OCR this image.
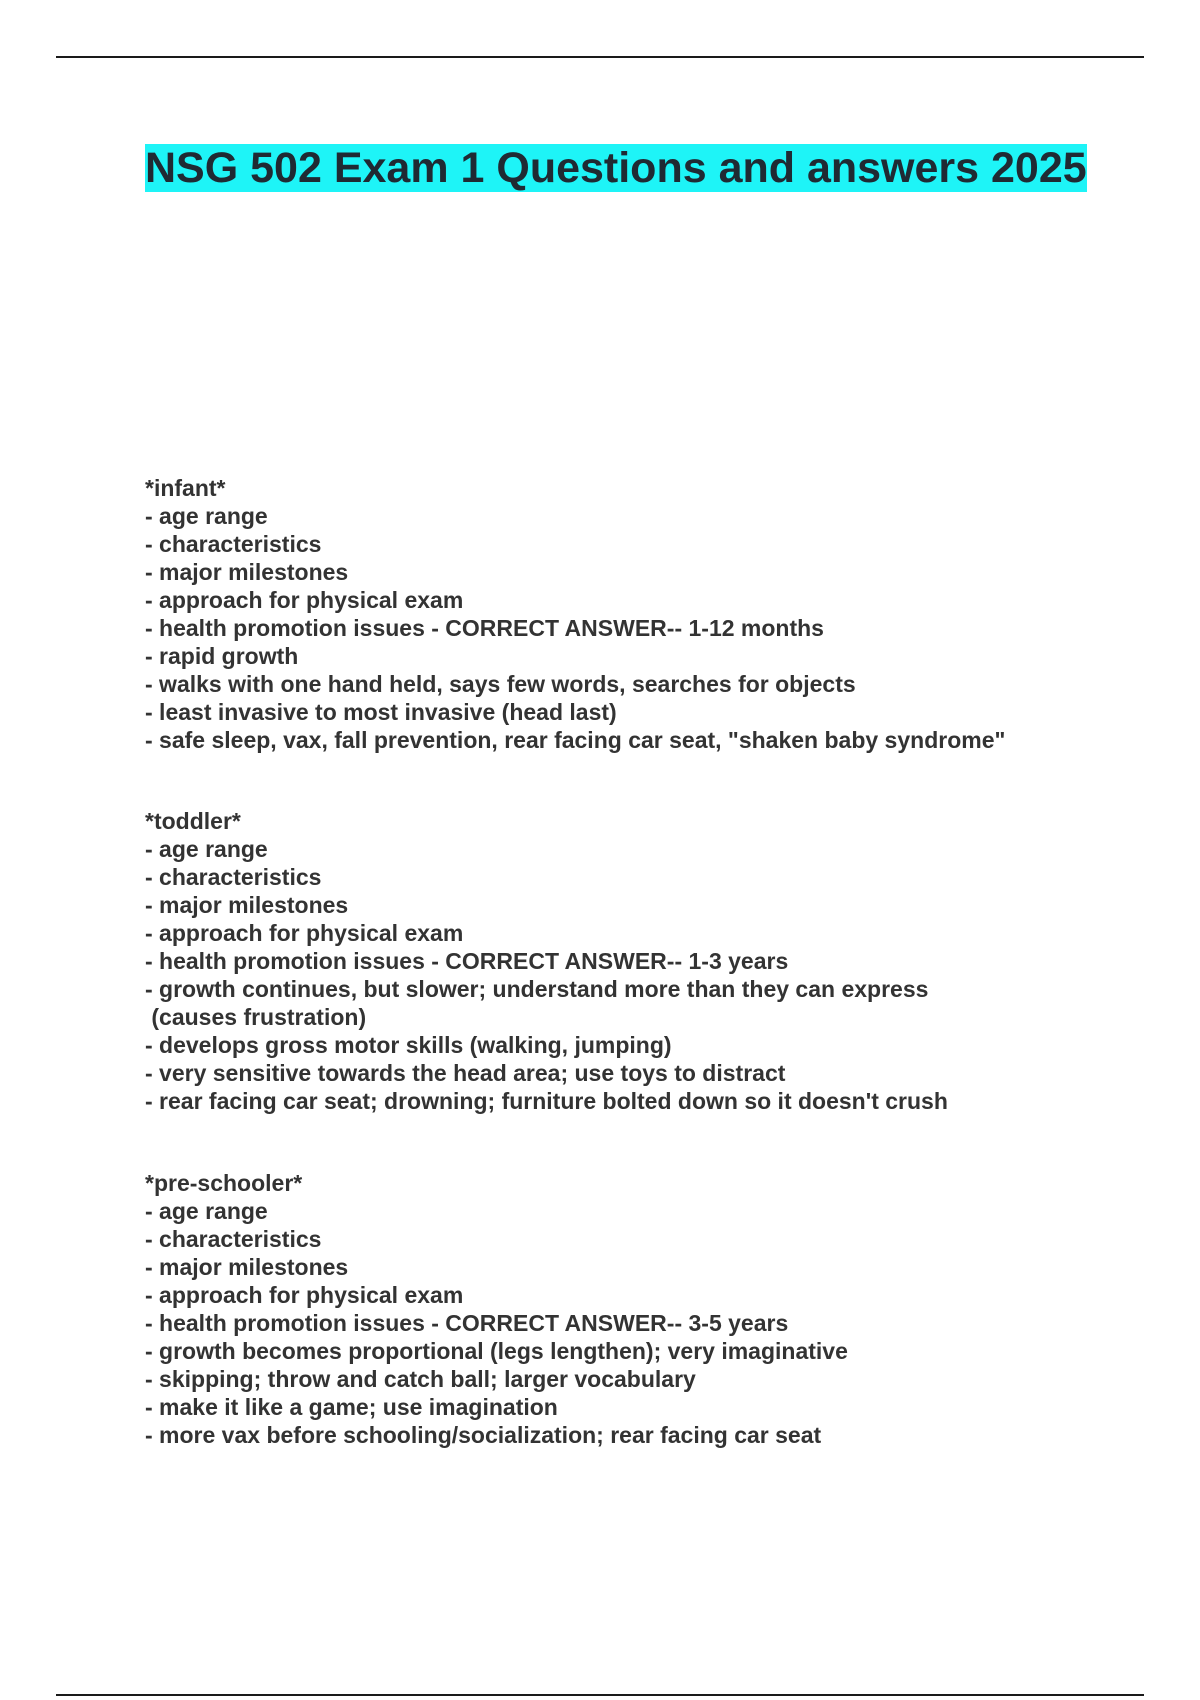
NSG 502 Exam 1 Questions and answers 2025
*infant*
- age range
- characteristics
- major milestones
- approach for physical exam
- health promotion issues - CORRECT ANSWER-- 1-12 months
- rapid growth
- walks with one hand held, says few words, searches for objects
- least invasive to most invasive (head last)
- safe sleep, vax, fall prevention, rear facing car seat, "shaken baby syndrome"
*toddler*
- age range
- characteristics
- major milestones
- approach for physical exam
- health promotion issues - CORRECT ANSWER-- 1-3 years
- growth continues, but slower; understand more than they can express
(causes frustration)
- develops gross motor skills (walking, jumping)
- very sensitive towards the head area; use toys to distract
- rear facing car seat; drowning; furniture bolted down so it doesn't crush
*pre-schooler*
- age range
- characteristics
- major milestones
- approach for physical exam
- health promotion issues - CORRECT ANSWER-- 3-5 years
- growth becomes proportional (legs lengthen); very imaginative
- skipping; throw and catch ball; larger vocabulary
- make it like a game; use imagination
- more vax before schooling/socialization; rear facing car seat
